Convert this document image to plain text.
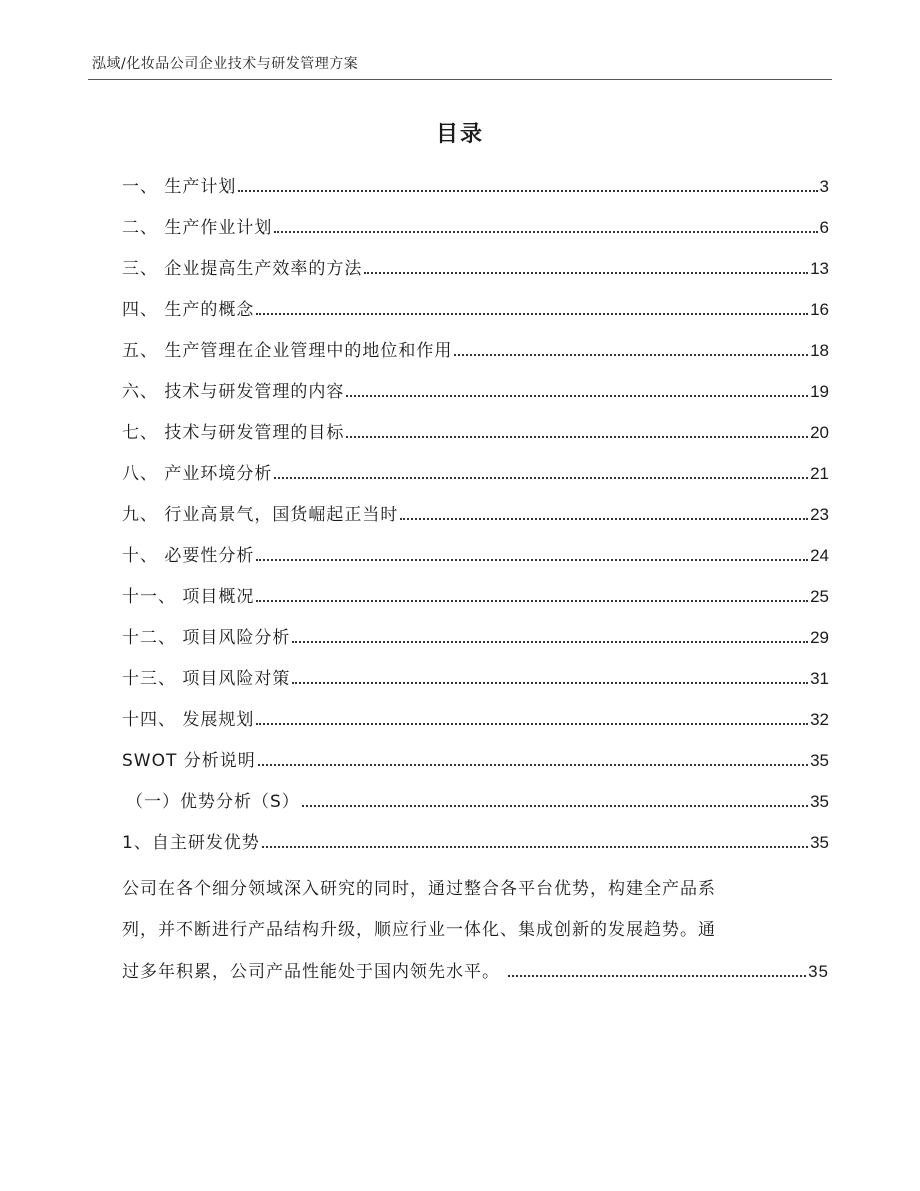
泓域/化妆品公司企业技术与研发管理方案
目录
一、 生产计划	3
二、 生产作业计划	6
三、 企业提高生产效率的方法	13
四、 生产的概念	16
五、 生产管理在企业管理中的地位和作用	18
六、 技术与研发管理的内容	19
七、 技术与研发管理的目标	20
八、 产业环境分析	21
九、 行业高景气，国货崛起正当时	23
十、 必要性分析	24
十一、 项目概况	25
十二、 项目风险分析	29
十三、 项目风险对策	31
十四、 发展规划	32
SWOT 分析说明	35
（一）优势分析（S）	35
1、自主研发优势	35
公司在各个细分领域深入研究的同时，通过整合各平台优势，构建全产品系
列，并不断进行产品结构升级，顺应行业一体化、集成创新的发展趋势。通
过多年积累，公司产品性能处于国内领先水平。	35
